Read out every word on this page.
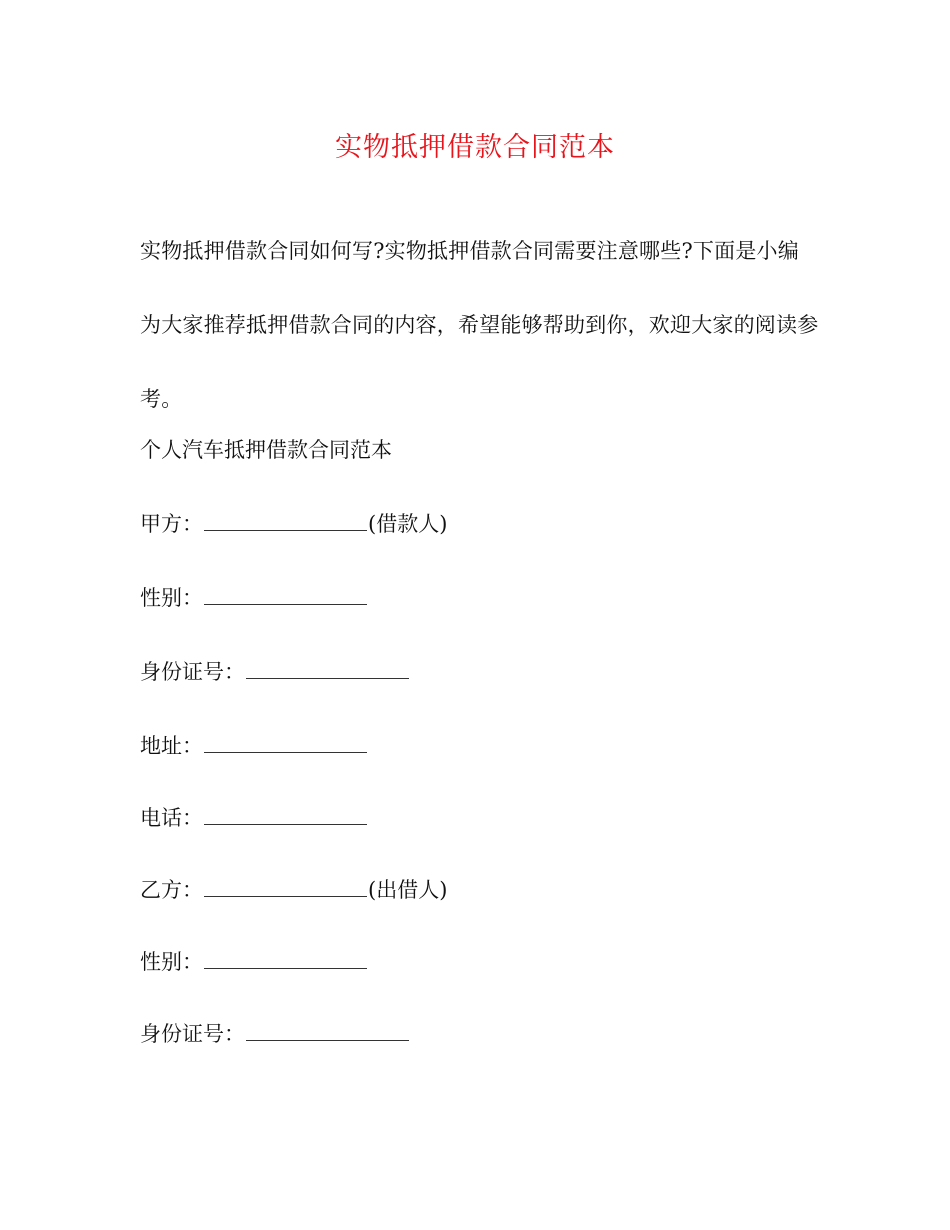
实物抵押借款合同范本

实物抵押借款合同如何写?实物抵押借款合同需要注意哪些?下面是小编为大家推荐抵押借款合同的内容，希望能够帮助到你，欢迎大家的阅读参考。

个人汽车抵押借款合同范本
甲方：	(借款人)
性别：
身份证号：
地址：
电话：
乙方：	(出借人)
性别：
身份证号：
